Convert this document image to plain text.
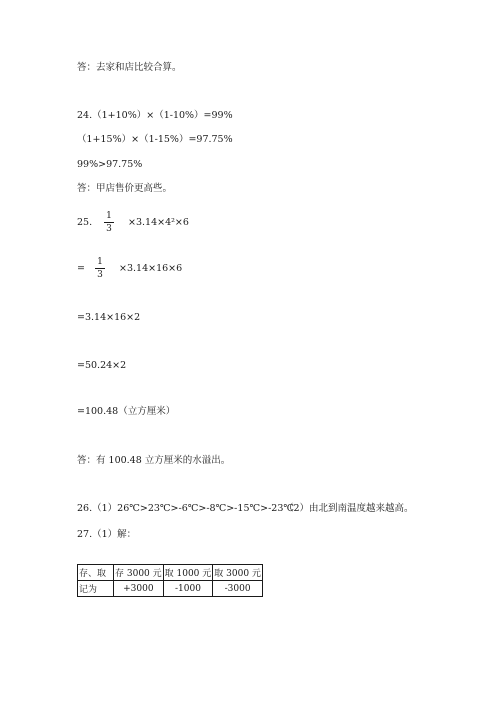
答：去家和店比较合算。
24.（1+10%）×（1-10%）=99%
（1+15%）×（1-15%）=97.75%
99%>97.75%
答：甲店售价更高些。
25.
1
3
×3.14×4²×6
=
1
3
×3.14×16×6
=3.14×16×2
=50.24×2
=100.48（立方厘米）
答：有 100.48 立方厘米的水溢出。
26.（1）26℃>23℃>-6℃>-8℃>-15℃>-23℃
（2）由北到南温度越来越高。
27.（1）解：
存、取	存 3000 元	取 1000 元	取 3000 元
记为	+3000	-1000	-3000
